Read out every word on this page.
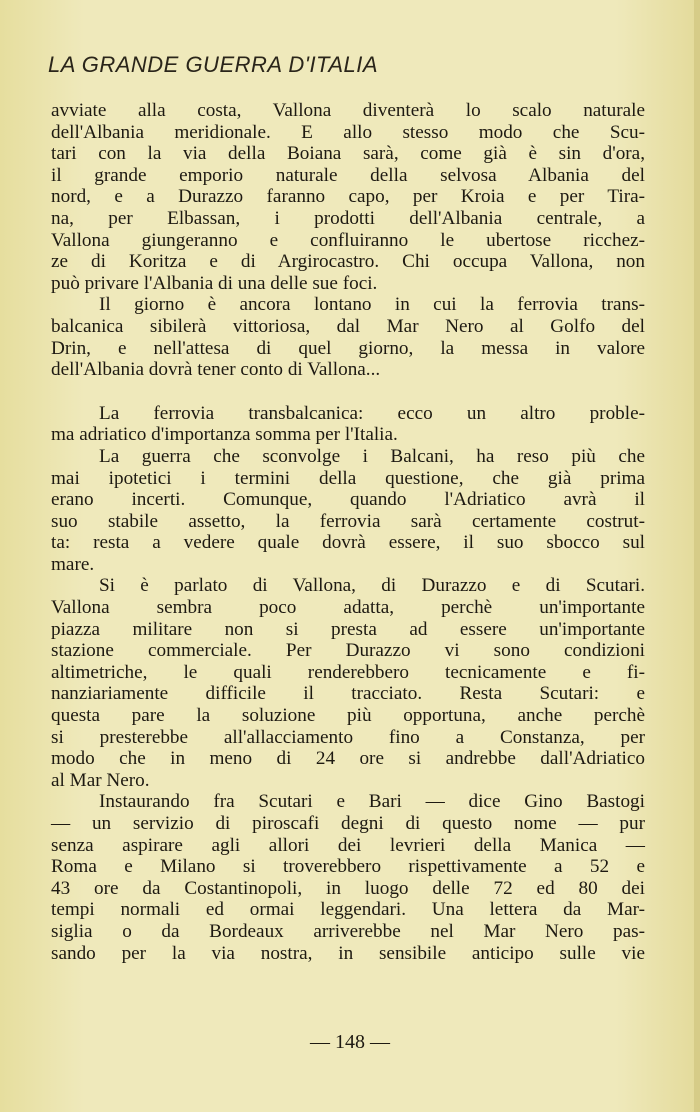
LA GRANDE GUERRA D'ITALIA
avviate alla costa, Vallona diventerà lo scalo naturale
dell'Albania meridionale. E allo stesso modo che Scu-
tari con la via della Boiana sarà, come già è sin d'ora,
il grande emporio naturale della selvosa Albania del
nord, e a Durazzo faranno capo, per Kroia e per Tira-
na, per Elbassan, i prodotti dell'Albania centrale, a
Vallona giungeranno e confluiranno le ubertose ricchez-
ze di Koritza e di Argirocastro. Chi occupa Vallona, non
può privare l'Albania di una delle sue foci.
Il giorno è ancora lontano in cui la ferrovia trans-
balcanica sibilerà vittoriosa, dal Mar Nero al Golfo del
Drin, e nell'attesa di quel giorno, la messa in valore
dell'Albania dovrà tener conto di Vallona...
La ferrovia transbalcanica: ecco un altro proble-
ma adriatico d'importanza somma per l'Italia.
La guerra che sconvolge i Balcani, ha reso più che
mai ipotetici i termini della questione, che già prima
erano incerti. Comunque, quando l'Adriatico avrà il
suo stabile assetto, la ferrovia sarà certamente costrut-
ta: resta a vedere quale dovrà essere, il suo sbocco sul
mare.
Si è parlato di Vallona, di Durazzo e di Scutari.
Vallona sembra poco adatta, perchè un'importante
piazza militare non si presta ad essere un'importante
stazione commerciale. Per Durazzo vi sono condizioni
altimetriche, le quali renderebbero tecnicamente e fi-
nanziariamente difficile il tracciato. Resta Scutari: e
questa pare la soluzione più opportuna, anche perchè
si presterebbe all'allacciamento fino a Constanza, per
modo che in meno di 24 ore si andrebbe dall'Adriatico
al Mar Nero.
Instaurando fra Scutari e Bari — dice Gino Bastogi
— un servizio di piroscafi degni di questo nome — pur
senza aspirare agli allori dei levrieri della Manica —
Roma e Milano si troverebbero rispettivamente a 52 e
43 ore da Costantinopoli, in luogo delle 72 ed 80 dei
tempi normali ed ormai leggendari. Una lettera da Mar-
siglia o da Bordeaux arriverebbe nel Mar Nero pas-
sando per la via nostra, in sensibile anticipo sulle vie
— 148 —
